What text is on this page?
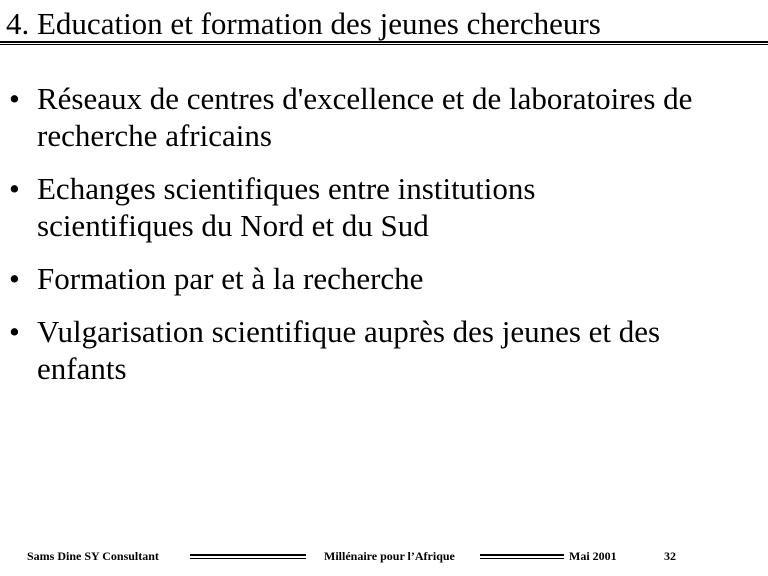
4. Education et formation des jeunes chercheurs
• Réseaux de centres d'excellence et de laboratoires de recherche africains
• Echanges scientifiques entre institutions scientifiques du Nord et du Sud
• Formation par et à la recherche
• Vulgarisation scientifique auprès des jeunes et des enfants
Sams Dine SY Consultant	Millénaire pour l’Afrique	Mai 2001	32
